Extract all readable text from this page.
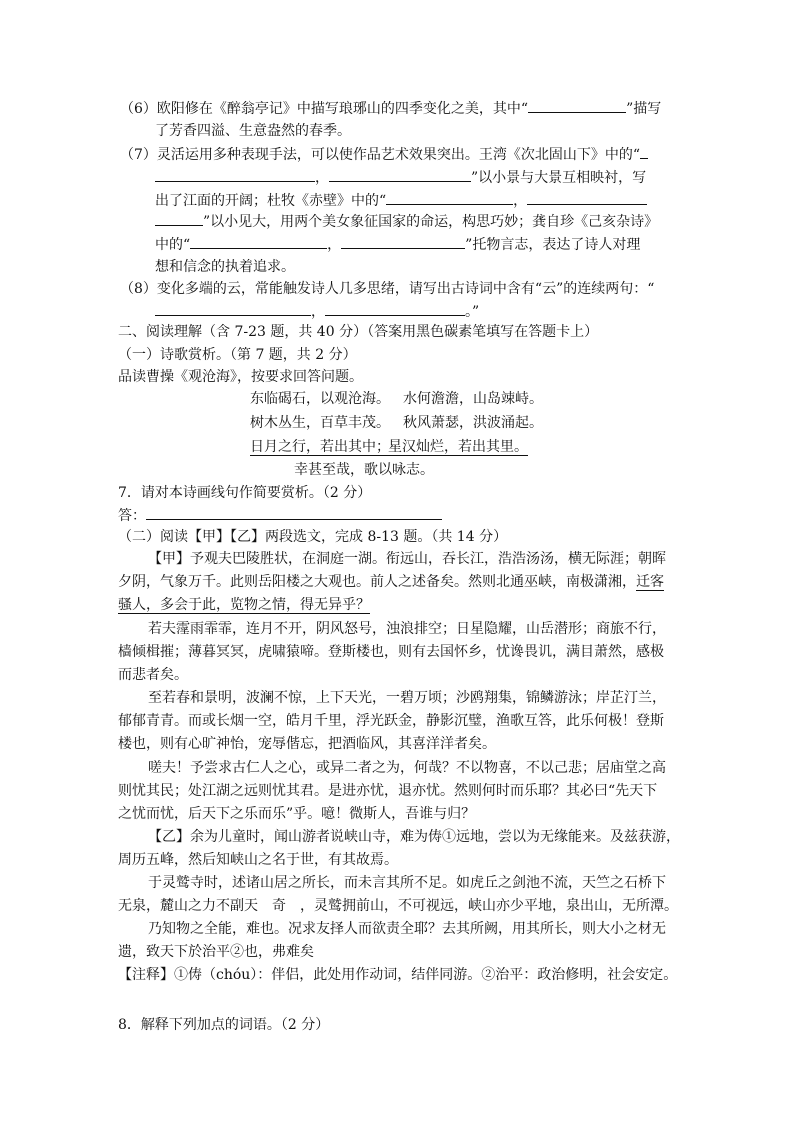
（6）欧阳修在《醉翁亭记》中描写琅琊山的四季变化之美，其中“	”描写
了芳香四溢、生意盎然的春季。
（7）灵活运用多种表现手法，可以使作品艺术效果突出。王湾《次北固山下》中的“
，	”以小景与大景互相映衬，写
出了江面的开阔；杜牧《赤壁》中的“	，
”以小见大，用两个美女象征国家的命运，构思巧妙；龚自珍《己亥杂诗》
中的“	，	”托物言志，表达了诗人对理
想和信念的执着追求。
（8）变化多端的云，常能触发诗人几多思绪，请写出古诗词中含有“云”的连续两句：“
，	。”
二、阅读理解（含 7-23 题，共 40 分）（答案用黑色碳素笔填写在答题卡上）
（一）诗歌赏析。（第 7 题，共 2 分）
品读曹操《观沧海》，按要求回答问题。
东临碣石，以观沧海。 水何澹澹，山岛竦峙。
树木丛生，百草丰茂。 秋风萧瑟，洪波涌起。
日月之行，若出其中；
星汉灿烂，若出其里。
幸甚至哉，歌以咏志。
7．请对本诗画线句作简要赏析。（2 分）
答：
（二）阅读【甲】【乙】两段选文，完成 8-13 题。（共 14 分）
【甲】予观夫巴陵胜状，在洞庭一湖。衔远山，吞长江，浩浩汤汤，横无际涯；朝晖
夕阴，气象万千。此则岳阳楼之大观也。前人之述备矣。然则北通巫峡，南极潇湘，迁客
骚人，多会于此，览物之情，得无异乎？
若夫霪雨霏霏，连月不开，阴风怒号，浊浪排空；日星隐耀，山岳潜形；商旅不行，
樯倾楫摧；薄暮冥冥，虎啸猿啼。登斯楼也，则有去国怀乡，忧谗畏讥，满目萧然，感极
而悲者矣。
至若春和景明，波澜不惊，上下天光，一碧万顷；沙鸥翔集，锦鳞游泳；岸芷汀兰，
郁郁青青。而或长烟一空，皓月千里，浮光跃金，静影沉璧，渔歌互答，此乐何极！登斯
楼也，则有心旷神怡，宠辱偕忘，把酒临风，其喜洋洋者矣。
嗟夫！予尝求古仁人之心，或异二者之为，何哉？不以物喜，不以己悲；居庙堂之高
则忧其民；处江湖之远则忧其君。是进亦忧，退亦忧。然则何时而乐耶？其必曰“先天下
之忧而忧，后天下之乐而乐”乎。噫！微斯人，吾谁与归？
【乙】余为儿童时，闻山游者说峡山寺，难为俦①远地，尝以为无缘能来。及兹获游，
周历五峰，然后知峡山之名于世，有其故焉。
于灵鹫寺时，述诸山居之所长，而未言其所不足。如虎丘之剑池不流，天竺之石桥下
无泉，麓山之力不副天　奇　，灵鹫拥前山，不可视远，峡山亦少平地，泉出山，无所潭。
乃知物之全能，难也。况求友择人而欲责全耶？去其所阙，用其所长，则大小之材无
遗，致天下於治平②也，弗难矣
【注释】①俦（chóu）：伴侣，此处用作动词，结伴同游。②治平：政治修明，社会安定。
8．解释下列加点的词语。（2 分）
